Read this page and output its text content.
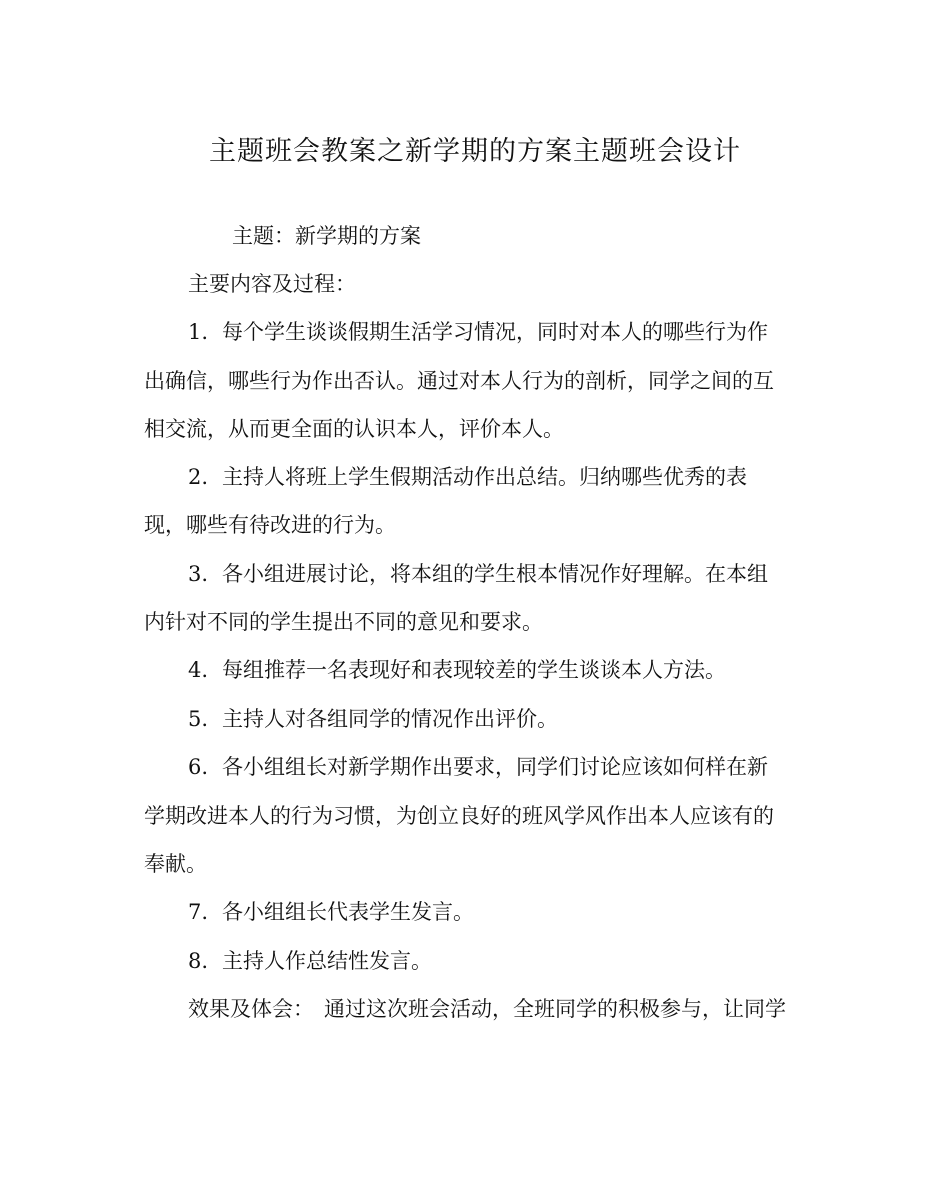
主题班会教案之新学期的方案主题班会设计
主题：新学期的方案
主要内容及过程：
1. 每个学生谈谈假期生活学习情况，同时对本人的哪些行为作
出确信，哪些行为作出否认。通过对本人行为的剖析，同学之间的互
相交流，从而更全面的认识本人，评价本人。
2. 主持人将班上学生假期活动作出总结。归纳哪些优秀的表
现，哪些有待改进的行为。
3. 各小组进展讨论，将本组的学生根本情况作好理解。在本组
内针对不同的学生提出不同的意见和要求。
4. 每组推荐一名表现好和表现较差的学生谈谈本人方法。
5. 主持人对各组同学的情况作出评价。
6. 各小组组长对新学期作出要求，同学们讨论应该如何样在新
学期改进本人的行为习惯，为创立良好的班风学风作出本人应该有的
奉献。
7. 各小组组长代表学生发言。
8. 主持人作总结性发言。
效果及体会： 通过这次班会活动，全班同学的积极参与，让同学
